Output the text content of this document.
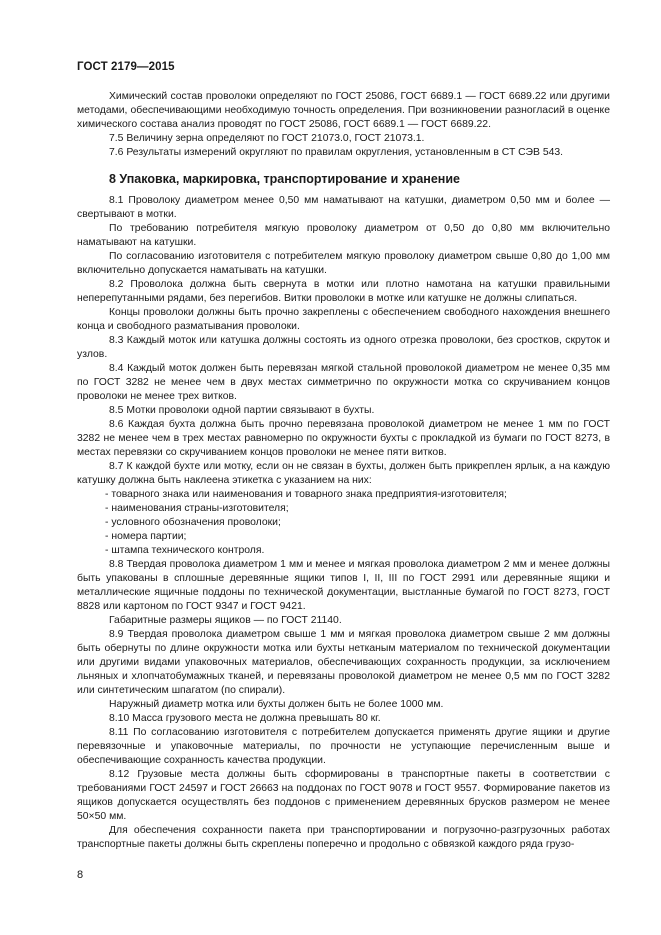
ГОСТ 2179—2015

Химический состав проволоки определяют по ГОСТ 25086, ГОСТ 6689.1 — ГОСТ 6689.22 или другими методами, обеспечивающими необходимую точность определения. При возникновении разногласий в оценке химического состава анализ проводят по ГОСТ 25086, ГОСТ 6689.1 — ГОСТ 6689.22.

7.5 Величину зерна определяют по ГОСТ 21073.0, ГОСТ 21073.1.

7.6 Результаты измерений округляют по правилам округления, установленным в СТ СЭВ 543.

8 Упаковка, маркировка, транспортирование и хранение

8.1 Проволоку диаметром менее 0,50 мм наматывают на катушки, диаметром 0,50 мм и более — свертывают в мотки.

По требованию потребителя мягкую проволоку диаметром от 0,50 до 0,80 мм включительно наматывают на катушки.

По согласованию изготовителя с потребителем мягкую проволоку диаметром свыше 0,80 до 1,00 мм включительно допускается наматывать на катушки.

8.2 Проволока должна быть свернута в мотки или плотно намотана на катушки правильными неперепутанными рядами, без перегибов. Витки проволоки в мотке или катушке не должны слипаться.

Концы проволоки должны быть прочно закреплены с обеспечением свободного нахождения внешнего конца и свободного разматывания проволоки.

8.3 Каждый моток или катушка должны состоять из одного отрезка проволоки, без сростков, скруток и узлов.

8.4 Каждый моток должен быть перевязан мягкой стальной проволокой диаметром не менее 0,35 мм по ГОСТ 3282 не менее чем в двух местах симметрично по окружности мотка со скручиванием концов проволоки не менее трех витков.

8.5 Мотки проволоки одной партии связывают в бухты.

8.6 Каждая бухта должна быть прочно перевязана проволокой диаметром не менее 1 мм по ГОСТ 3282 не менее чем в трех местах равномерно по окружности бухты с прокладкой из бумаги по ГОСТ 8273, в местах перевязки со скручиванием концов проволоки не менее пяти витков.

8.7 К каждой бухте или мотку, если он не связан в бухты, должен быть прикреплен ярлык, а на каждую катушку должна быть наклеена этикетка с указанием на них:

- товарного знака или наименования и товарного знака предприятия-изготовителя;

- наименования страны-изготовителя;

- условного обозначения проволоки;

- номера партии;

- штампа технического контроля.

8.8 Твердая проволока диаметром 1 мм и менее и мягкая проволока диаметром 2 мм и менее должны быть упакованы в сплошные деревянные ящики типов I, II, III по ГОСТ 2991 или деревянные ящики и металлические ящичные поддоны по технической документации, выстланные бумагой по ГОСТ 8273, ГОСТ 8828 или картоном по ГОСТ 9347 и ГОСТ 9421.

Габаритные размеры ящиков — по ГОСТ 21140.

8.9 Твердая проволока диаметром свыше 1 мм и мягкая проволока диаметром свыше 2 мм должны быть обернуты по длине окружности мотка или бухты нетканым материалом по технической документации или другими видами упаковочных материалов, обеспечивающих сохранность продукции, за исключением льняных и хлопчатобумажных тканей, и перевязаны проволокой диаметром не менее 0,5 мм по ГОСТ 3282 или синтетическим шпагатом (по спирали).

Наружный диаметр мотка или бухты должен быть не более 1000 мм.

8.10 Масса грузового места не должна превышать 80 кг.

8.11 По согласованию изготовителя с потребителем допускается применять другие ящики и другие перевязочные и упаковочные материалы, по прочности не уступающие перечисленным выше и обеспечивающие сохранность качества продукции.

8.12 Грузовые места должны быть сформированы в транспортные пакеты в соответствии с требованиями ГОСТ 24597 и ГОСТ 26663 на поддонах по ГОСТ 9078 и ГОСТ 9557. Формирование пакетов из ящиков допускается осуществлять без поддонов с применением деревянных брусков размером не менее 50×50 мм.

Для обеспечения сохранности пакета при транспортировании и погрузочно-разгрузочных работах транспортные пакеты должны быть скреплены поперечно и продольно с обвязкой каждого ряда грузо-

8
